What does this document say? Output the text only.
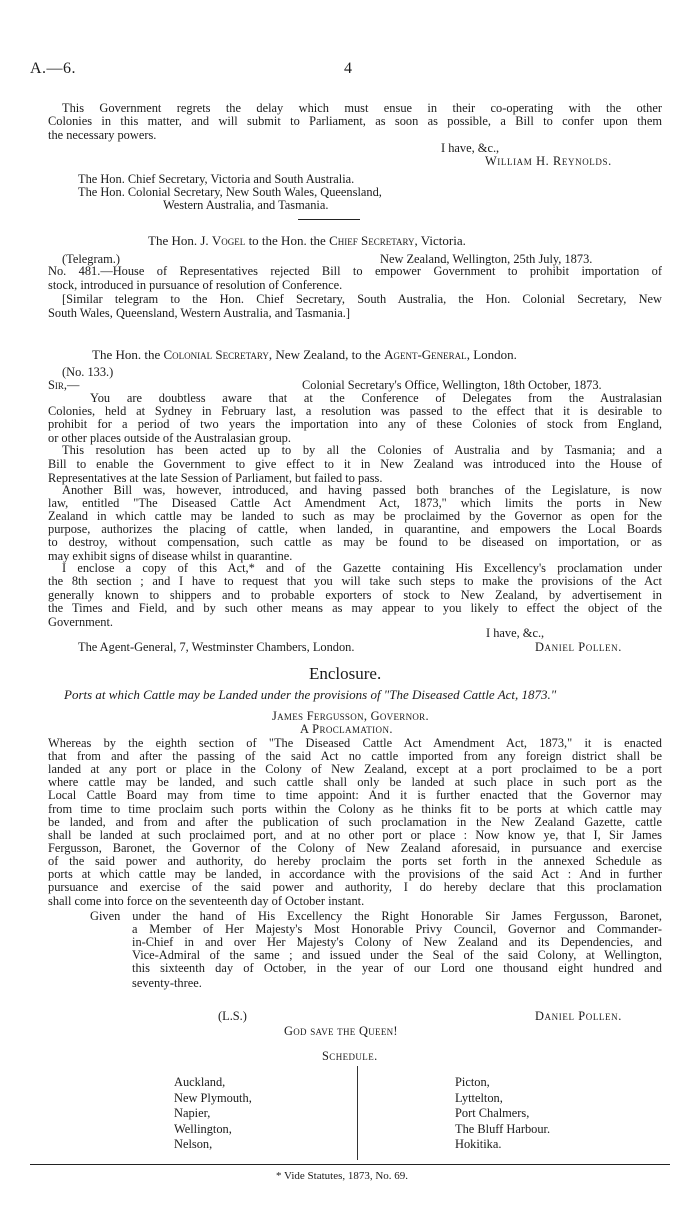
A.—6.	4
This Government regrets the delay which must ensue in their co-operating with the other
Colonies in this matter, and will submit to Parliament, as soon as possible, a Bill to confer upon them
the necessary powers.
I have, &c.,
William H. Reynolds.
The Hon. Chief Secretary, Victoria and South Australia.
The Hon. Colonial Secretary, New South Wales, Queensland,
Western Australia, and Tasmania.
The Hon. J. Vogel to the Hon. the Chief Secretary, Victoria.
(Telegram.)	New Zealand, Wellington, 25th July, 1873.
No. 481.—House of Representatives rejected Bill to empower Government to prohibit importation of
stock, introduced in pursuance of resolution of Conference.
[Similar telegram to the Hon. Chief Secretary, South Australia, the Hon. Colonial Secretary, New
South Wales, Queensland, Western Australia, and Tasmania.]
The Hon. the Colonial Secretary, New Zealand, to the Agent-General, London.
(No. 133.)
Sir,—	Colonial Secretary's Office, Wellington, 18th October, 1873.
You are doubtless aware that at the Conference of Delegates from the Australasian
Colonies, held at Sydney in February last, a resolution was passed to the effect that it is desirable to
prohibit for a period of two years the importation into any of these Colonies of stock from England,
or other places outside of the Australasian group.
This resolution has been acted up to by all the Colonies of Australia and by Tasmania; and a
Bill to enable the Government to give effect to it in New Zealand was introduced into the House of
Representatives at the late Session of Parliament, but failed to pass.
Another Bill was, however, introduced, and having passed both branches of the Legislature, is now
law, entitled "The Diseased Cattle Act Amendment Act, 1873," which limits the ports in New
Zealand in which cattle may be landed to such as may be proclaimed by the Governor as open for the
purpose, authorizes the placing of cattle, when landed, in quarantine, and empowers the Local Boards
to destroy, without compensation, such cattle as may be found to be diseased on importation, or as
may exhibit signs of disease whilst in quarantine.
I enclose a copy of this Act,* and of the Gazette containing His Excellency's proclamation under
the 8th section ; and I have to request that you will take such steps to make the provisions of the Act
generally known to shippers and to probable exporters of stock to New Zealand, by advertisement in
the Times and Field, and by such other means as may appear to you likely to effect the object of the
Government.
I have, &c.,
The Agent-General, 7, Westminster Chambers, London.	Daniel Pollen.
Enclosure.
Ports at which Cattle may be Landed under the provisions of "The Diseased Cattle Act, 1873."
James Fergusson, Governor.
A Proclamation.
Whereas by the eighth section of "The Diseased Cattle Act Amendment Act, 1873," it is enacted
that from and after the passing of the said Act no cattle imported from any foreign district shall be
landed at any port or place in the Colony of New Zealand, except at a port proclaimed to be a port
where cattle may be landed, and such cattle shall only be landed at such place in such port as the
Local Cattle Board may from time to time appoint: And it is further enacted that the Governor may
from time to time proclaim such ports within the Colony as he thinks fit to be ports at which cattle may
be landed, and from and after the publication of such proclamation in the New Zealand Gazette, cattle
shall be landed at such proclaimed port, and at no other port or place : Now know ye, that I, Sir James
Fergusson, Baronet, the Governor of the Colony of New Zealand aforesaid, in pursuance and exercise
of the said power and authority, do hereby proclaim the ports set forth in the annexed Schedule as
ports at which cattle may be landed, in accordance with the provisions of the said Act : And in further
pursuance and exercise of the said power and authority, I do hereby declare that this proclamation
shall come into force on the seventeenth day of October instant.
Given under the hand of His Excellency the Right Honorable Sir James Fergusson, Baronet,
a Member of Her Majesty's Most Honorable Privy Council, Governor and Commander-
in-Chief in and over Her Majesty's Colony of New Zealand and its Dependencies, and
Vice-Admiral of the same ; and issued under the Seal of the said Colony, at Wellington,
this sixteenth day of October, in the year of our Lord one thousand eight hundred and
seventy-three.
(L.S.)	Daniel Pollen.
God save the Queen!
Schedule.
Auckland,
New Plymouth,
Napier,
Wellington,
Nelson,
Picton,
Lyttelton,
Port Chalmers,
The Bluff Harbour.
Hokitika.
* Vide Statutes, 1873, No. 69.
